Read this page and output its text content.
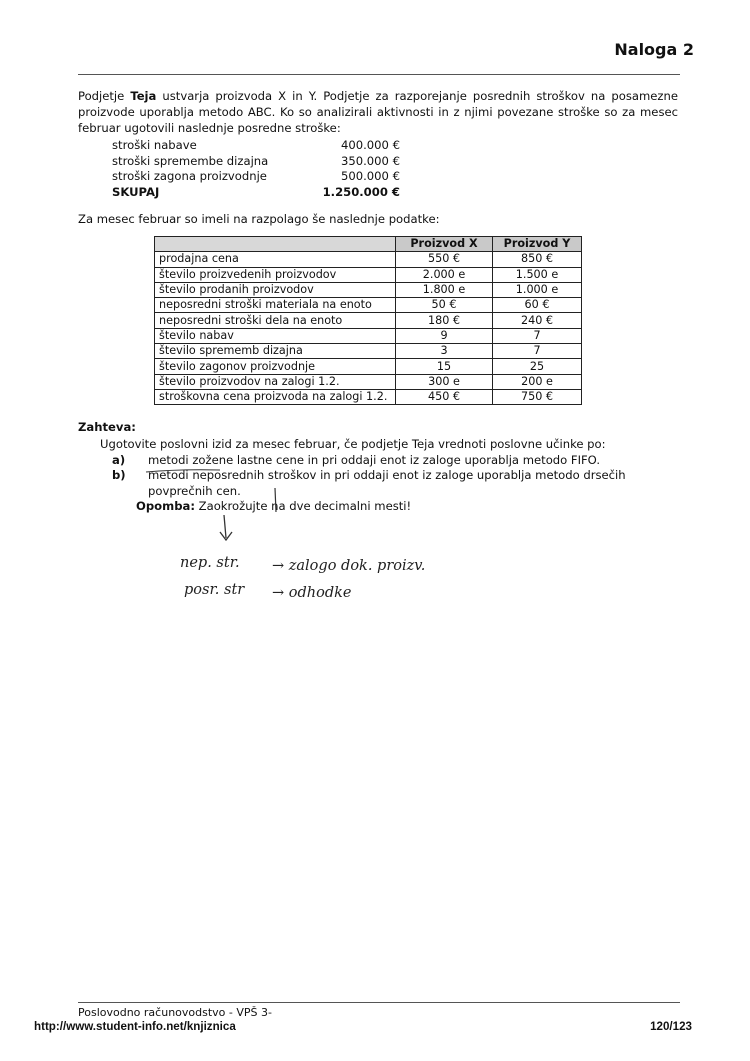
Naloga 2
Podjetje Teja ustvarja proizvoda X in Y. Podjetje za razporejanje posrednih stroškov na posamezne proizvode uporablja metodo ABC. Ko so analizirali aktivnosti in z njimi povezane stroške so za mesec februar ugotovili naslednje posredne stroške:
stroški nabave	400.000 €
stroški spremembe dizajna	350.000 €
stroški zagona proizvodnje	500.000 €
SKUPAJ	1.250.000 €
Za mesec februar so imeli na razpolago še naslednje podatke:
	Proizvod X	Proizvod Y
prodajna cena	550 €	850 €
število proizvedenih proizvodov	2.000 e	1.500 e
število prodanih proizvodov	1.800 e	1.000 e
neposredni stroški materiala na enoto	50 €	60 €
neposredni stroški dela na enoto	180 €	240 €
število nabav	9	7
število sprememb dizajna	3	7
število zagonov proizvodnje	15	25
število proizvodov na zalogi 1.2.	300 e	200 e
stroškovna cena proizvoda na zalogi 1.2.	450 €	750 €
Zahteva:
Ugotovite poslovni izid za mesec februar, če podjetje Teja vrednoti poslovne učinke po:
a)	metodi zožene lastne cene in pri oddaji enot iz zaloge uporablja metodo FIFO.
b)	metodi neposrednih stroškov in pri oddaji enot iz zaloge uporablja metodo drsečih povprečnih cen.
Opomba: Zaokrožujte na dve decimalni mesti!
nep. str. → zalogo dok. proizv.
posr. str → odhodke
Poslovodno računovodstvo - VPŠ 3-
http://www.student-info.net/knjiznica	120/123
